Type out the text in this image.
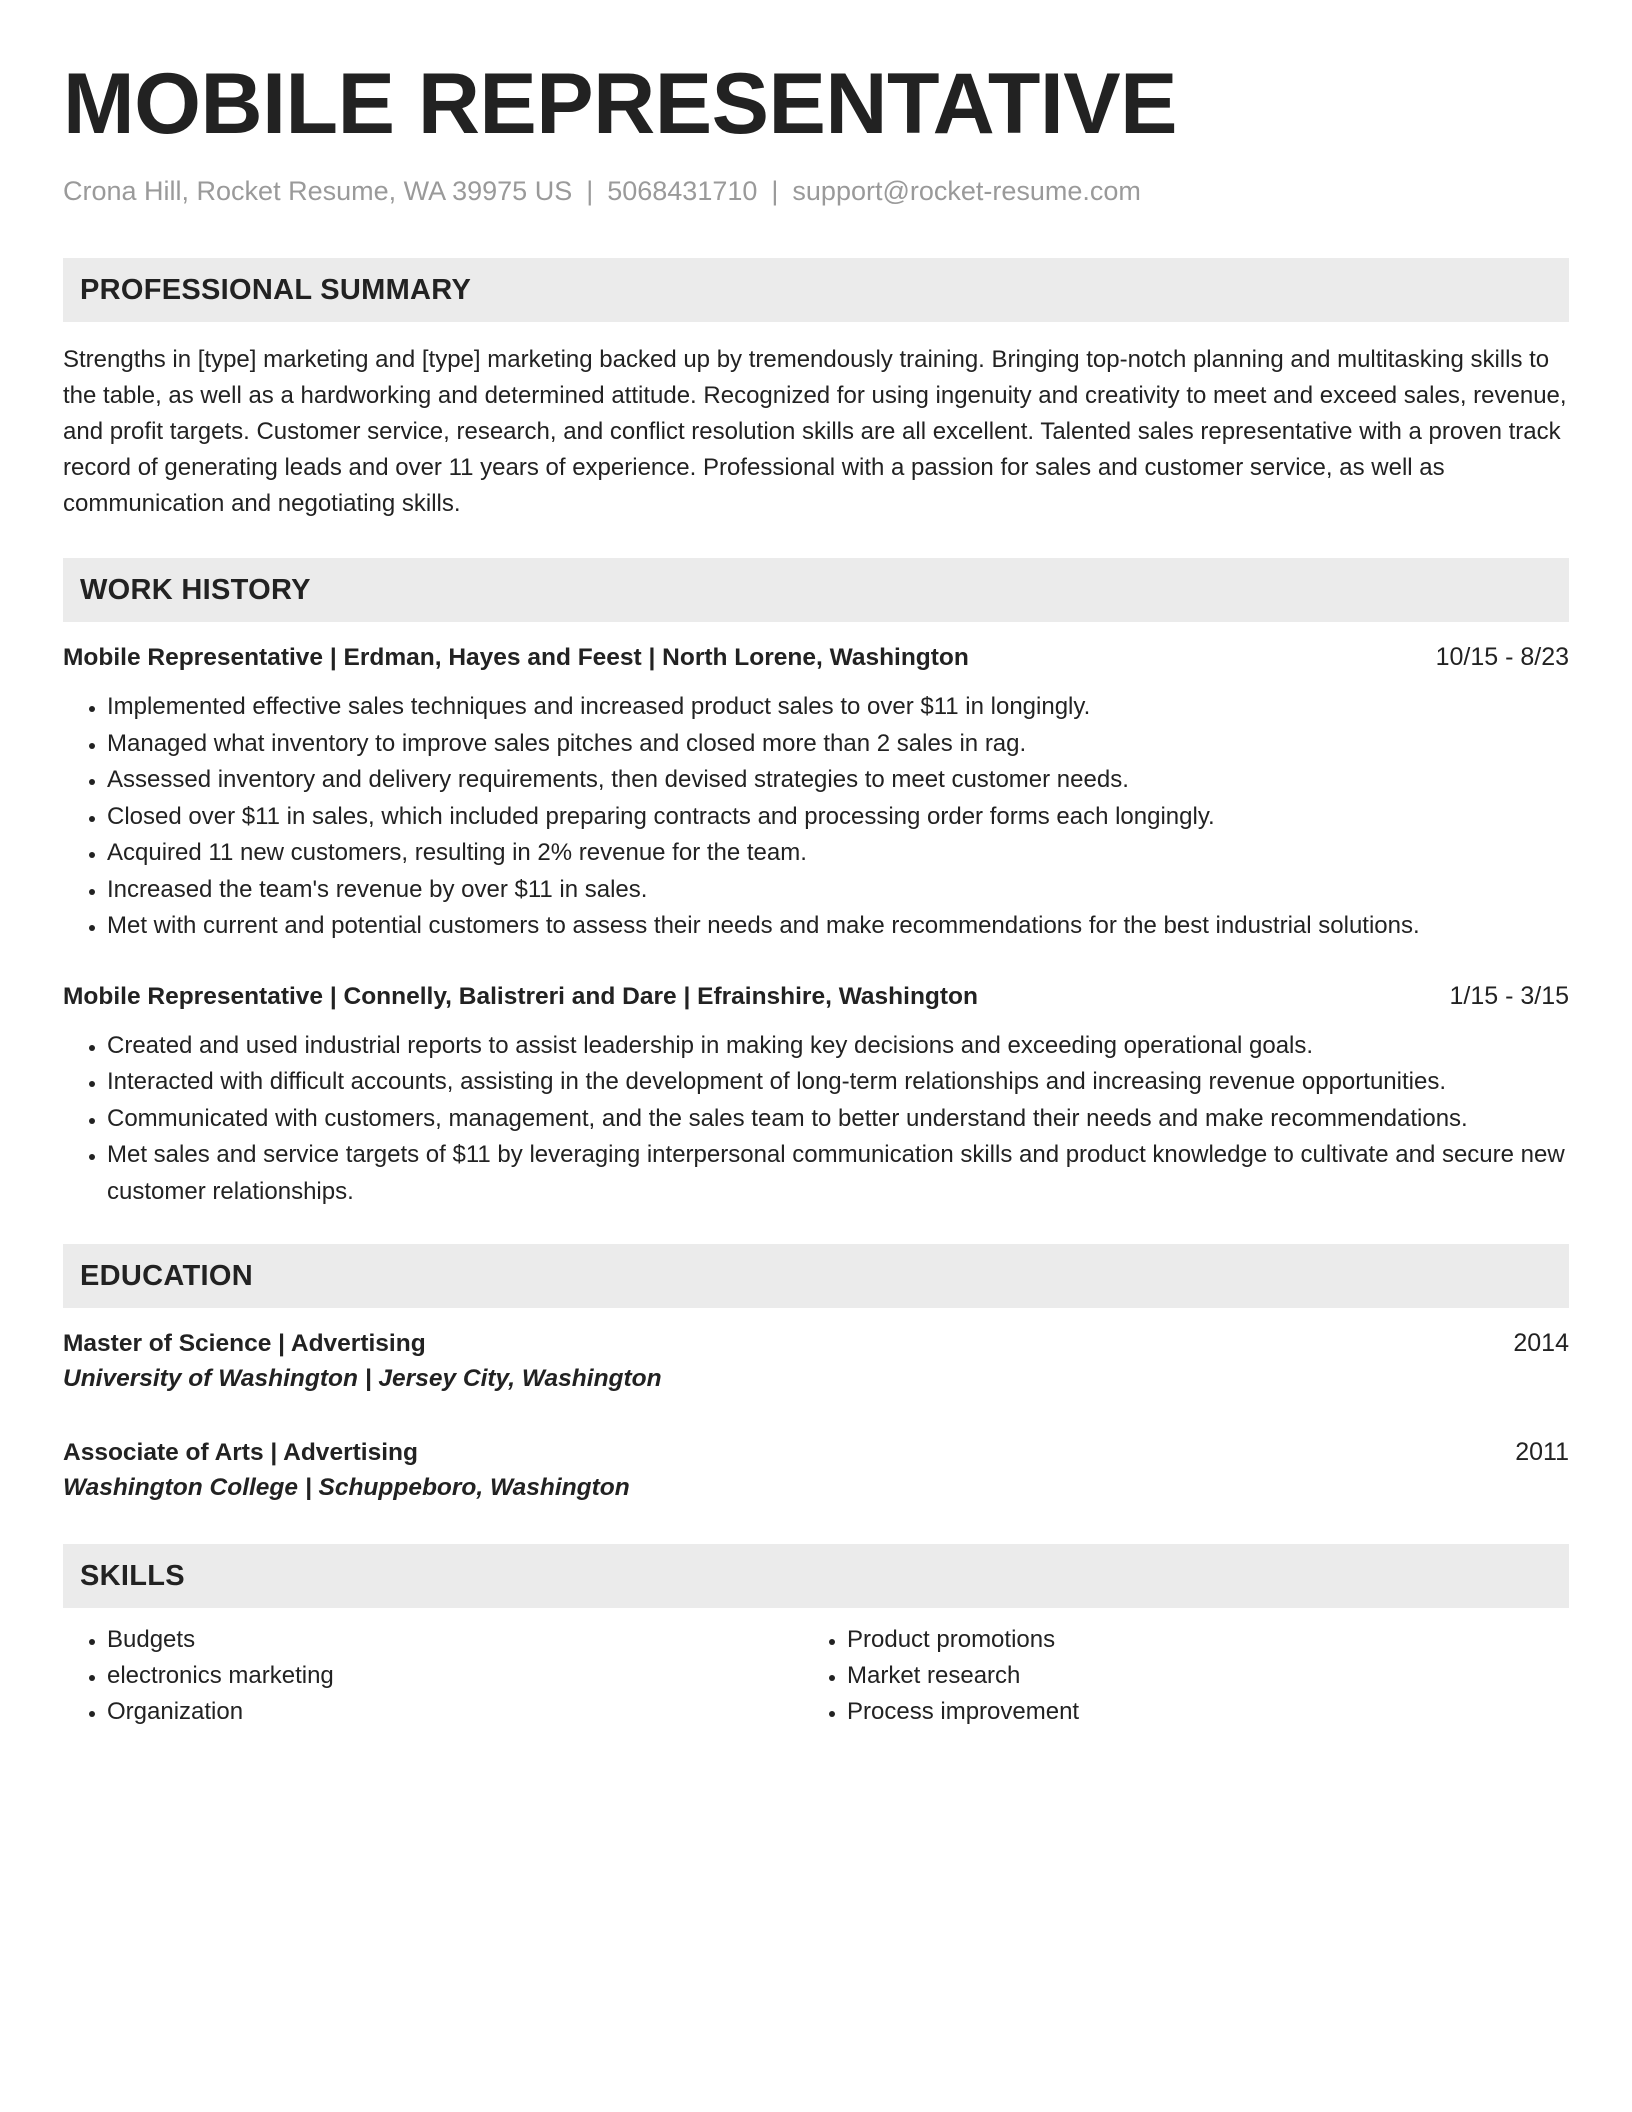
MOBILE REPRESENTATIVE
Crona Hill, Rocket Resume, WA 39975 US | 5068431710 | support@rocket-resume.com
PROFESSIONAL SUMMARY

Strengths in [type] marketing and [type] marketing backed up by tremendously training. Bringing top-notch planning and multitasking skills to the table, as well as a hardworking and determined attitude. Recognized for using ingenuity and creativity to meet and exceed sales, revenue, and profit targets. Customer service, research, and conflict resolution skills are all excellent. Talented sales representative with a proven track record of generating leads and over 11 years of experience. Professional with a passion for sales and customer service, as well as communication and negotiating skills.

WORK HISTORY
Mobile Representative | Erdman, Hayes and Feest | North Lorene, Washington	10/15 - 8/23
• Implemented effective sales techniques and increased product sales to over $11 in longingly.
• Managed what inventory to improve sales pitches and closed more than 2 sales in rag.
• Assessed inventory and delivery requirements, then devised strategies to meet customer needs.
• Closed over $11 in sales, which included preparing contracts and processing order forms each longingly.
• Acquired 11 new customers, resulting in 2% revenue for the team.
• Increased the team's revenue by over $11 in sales.
• Met with current and potential customers to assess their needs and make recommendations for the best industrial solutions.
Mobile Representative | Connelly, Balistreri and Dare | Efrainshire, Washington	1/15 - 3/15
• Created and used industrial reports to assist leadership in making key decisions and exceeding operational goals.
• Interacted with difficult accounts, assisting in the development of long-term relationships and increasing revenue opportunities.
• Communicated with customers, management, and the sales team to better understand their needs and make recommendations.
• Met sales and service targets of $11 by leveraging interpersonal communication skills and product knowledge to cultivate and secure new customer relationships.
EDUCATION
Master of Science | Advertising	2014
University of Washington | Jersey City, Washington
Associate of Arts | Advertising	2011
Washington College | Schuppeboro, Washington
SKILLS
• Budgets
• electronics marketing
• Organization
• Product promotions
• Market research
• Process improvement
